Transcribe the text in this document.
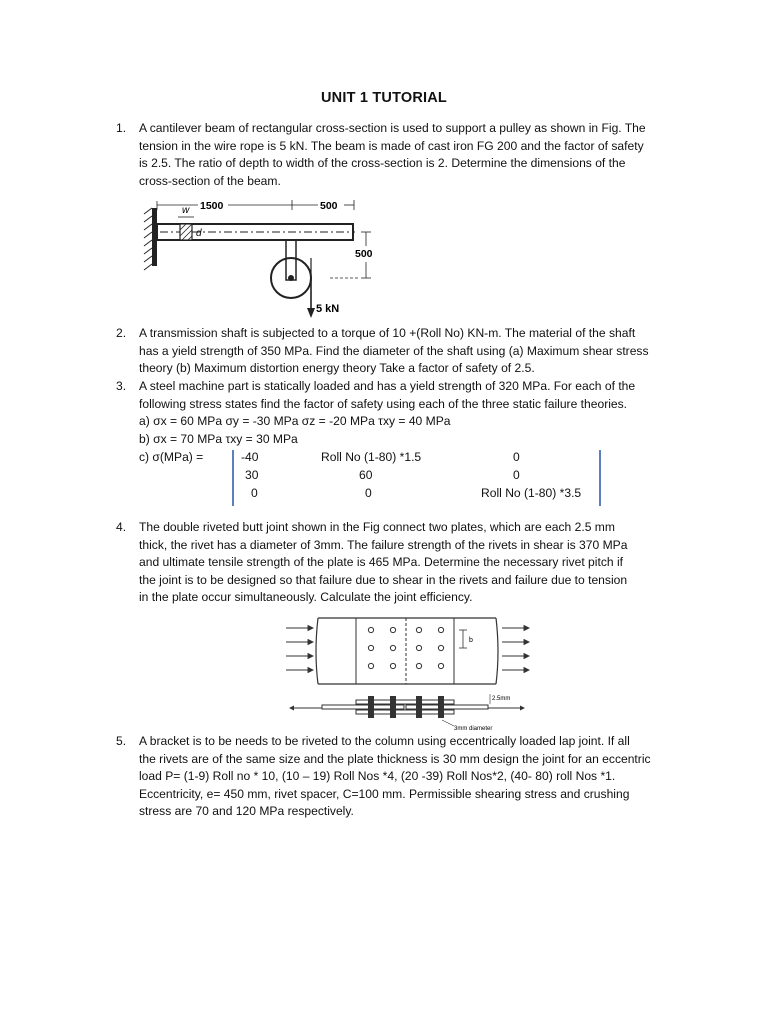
UNIT 1 TUTORIAL
1.	A cantilever beam of rectangular cross-section is used to support a pulley as shown in Fig. The
tension in the wire rope is 5 kN. The beam is made of cast iron FG 200 and the factor of safety
is 2.5. The ratio of depth to width of the cross-section is 2. Determine the dimensions of the
cross-section of the beam.
w
d
1500	500
5 kN
500
2.	A transmission shaft is subjected to a torque of 10 +(Roll No) KN-m. The material of the shaft
has a yield strength of 350 MPa. Find the diameter of the shaft using (a) Maximum shear stress
theory (b) Maximum distortion energy theory Take a factor of safety of 2.5.
3.	A steel machine part is statically loaded and has a yield strength of 320 MPa. For each of the
following stress states find the factor of safety using each of the three static failure theories.
a) σx = 60 MPa σy = -30 MPa σz = -20 MPa τxy = 40 MPa
b) σx = 70 MPa τxy = 30 MPa
c) σ(MPa) =	-40	Roll No (1-80) *1.5	0
30	60	0
0	0	Roll No (1-80) *3.5
4.	The double riveted butt joint shown in the Fig connect two plates, which are each 2.5 mm
thick, the rivet has a diameter of 3mm. The failure strength of the rivets in shear is 370 MPa
and ultimate tensile strength of the plate is 465 MPa. Determine the necessary rivet pitch if
the joint is to be designed so that failure due to shear in the rivets and failure due to tension
in the plate occur simultaneously. Calculate the joint efficiency.
b
2.5mm
3mm diameter
5.	A bracket is to be needs to be riveted to the column using eccentrically loaded lap joint. If all
the rivets are of the same size and the plate thickness is 30 mm design the joint for an eccentric
load P= (1-9) Roll no * 10, (10 – 19) Roll Nos *4, (20 -39) Roll Nos*2, (40- 80) roll Nos *1.
Eccentricity, e= 450 mm, rivet spacer, C=100 mm. Permissible shearing stress and crushing
stress are 70 and 120 MPa respectively.
